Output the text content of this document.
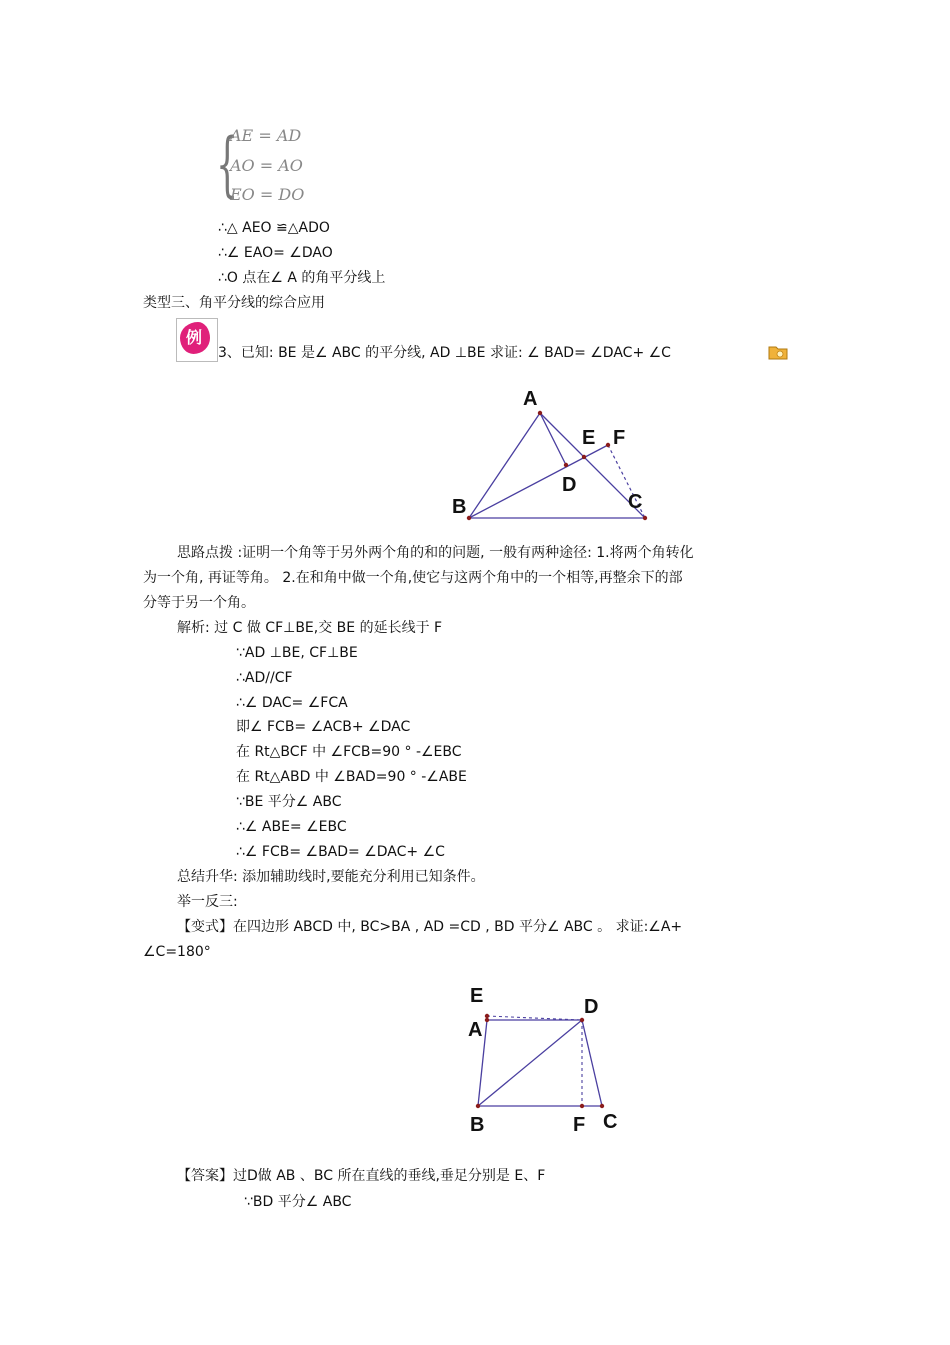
{
AE = AD
AO = AO
EO = DO
∴△ AEO ≌△ADO
∴∠ EAO= ∠DAO
∴O 点在∠ A 的角平分线上
类型三、角平分线的综合应用
例
3、已知: BE 是∠ ABC 的平分线, AD ⊥BE 求证: ∠ BAD= ∠DAC+ ∠C
A
B	C
D
E F
思路点拨 :证明一个角等于另外两个角的和的问题, 一般有两种途径: 1.将两个角转化
为一个角, 再证等角。 2.在和角中做一个角,使它与这两个角中的一个相等,再整余下的部
分等于另一个角。
解析: 过 C 做 CF⊥BE,交 BE 的延长线于 F
∵AD ⊥BE, CF⊥BE
∴AD//CF
∴∠ DAC= ∠FCA
即∠ FCB= ∠ACB+ ∠DAC
在 Rt△BCF 中 ∠FCB=90 ° -∠EBC
在 Rt△ABD 中 ∠BAD=90 ° -∠ABE
∵BE 平分∠ ABC
∴∠ ABE= ∠EBC
∴∠ FCB= ∠BAD= ∠DAC+ ∠C
总结升华: 添加辅助线时,要能充分利用已知条件。
举一反三:
【变式】在四边形 ABCD 中, BC>BA , AD =CD , BD 平分∠ ABC 。 求证:∠A+
∠C=180°
E
A
D
B	F C
【答案】过D做 AB 、BC 所在直线的垂线,垂足分别是 E、F
∵BD 平分∠ ABC
